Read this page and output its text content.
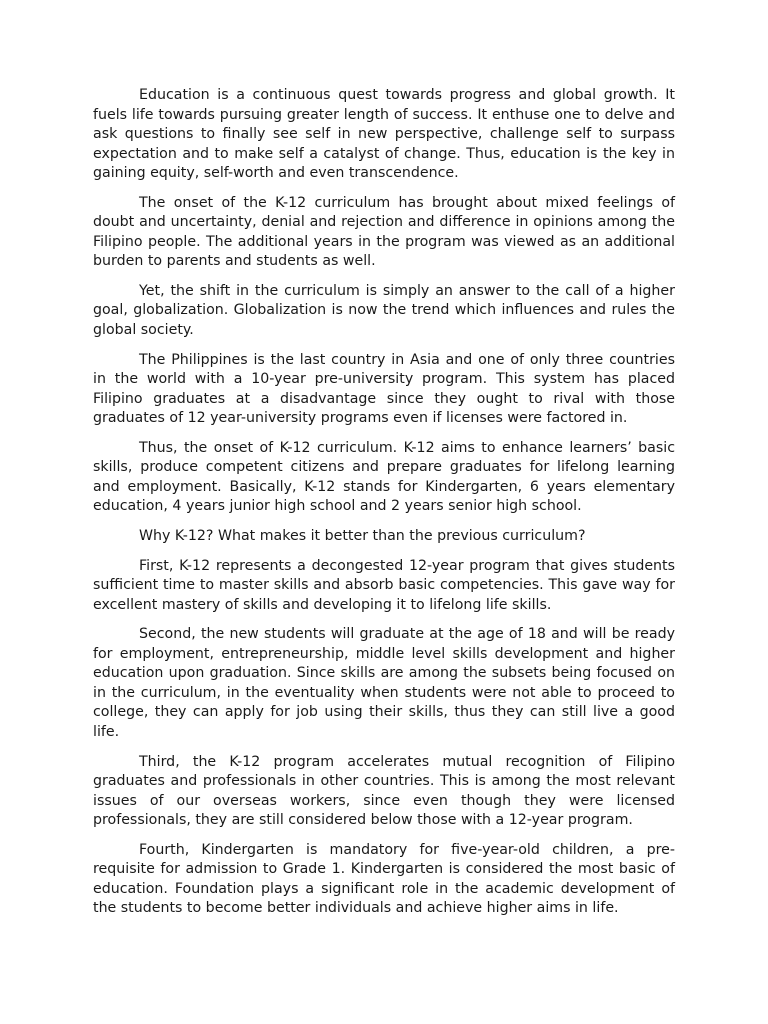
Education is a continuous quest towards progress and global growth. It fuels life towards pursuing greater length of success. It enthuse one to delve and ask questions to finally see self in new perspective, challenge self to surpass expectation and to make self a catalyst of change. Thus, education is the key in gaining equity, self-worth and even transcendence.

The onset of the K-12 curriculum has brought about mixed feelings of doubt and uncertainty, denial and rejection and difference in opinions among the Filipino people. The additional years in the program was viewed as an additional burden to parents and students as well.

Yet, the shift in the curriculum is simply an answer to the call of a higher goal, globalization. Globalization is now the trend which influences and rules the global society.

The Philippines is the last country in Asia and one of only three countries in the world with a 10-year pre-university program. This system has placed Filipino graduates at a disadvantage since they ought to rival with those graduates of 12 year-university programs even if licenses were factored in.

Thus, the onset of K-12 curriculum. K-12 aims to enhance learners’ basic skills, produce competent citizens and prepare graduates for lifelong learning and employment. Basically, K-12 stands for Kindergarten, 6 years elementary education, 4 years junior high school and 2 years senior high school.

Why K-12? What makes it better than the previous curriculum?

First, K-12 represents a decongested 12-year program that gives students sufficient time to master skills and absorb basic competencies. This gave way for excellent mastery of skills and developing it to lifelong life skills.

Second, the new students will graduate at the age of 18 and will be ready for employment, entrepreneurship, middle level skills development and higher education upon graduation. Since skills are among the subsets being focused on in the curriculum, in the eventuality when students were not able to proceed to college, they can apply for job using their skills, thus they can still live a good life.

Third, the K-12 program accelerates mutual recognition of Filipino graduates and professionals in other countries. This is among the most relevant issues of our overseas workers, since even though they were licensed professionals, they are still considered below those with a 12-year program.

Fourth, Kindergarten is mandatory for five-year-old children, a pre-requisite for admission to Grade 1. Kindergarten is considered the most basic of education. Foundation plays a significant role in the academic development of the students to become better individuals and achieve higher aims in life.
